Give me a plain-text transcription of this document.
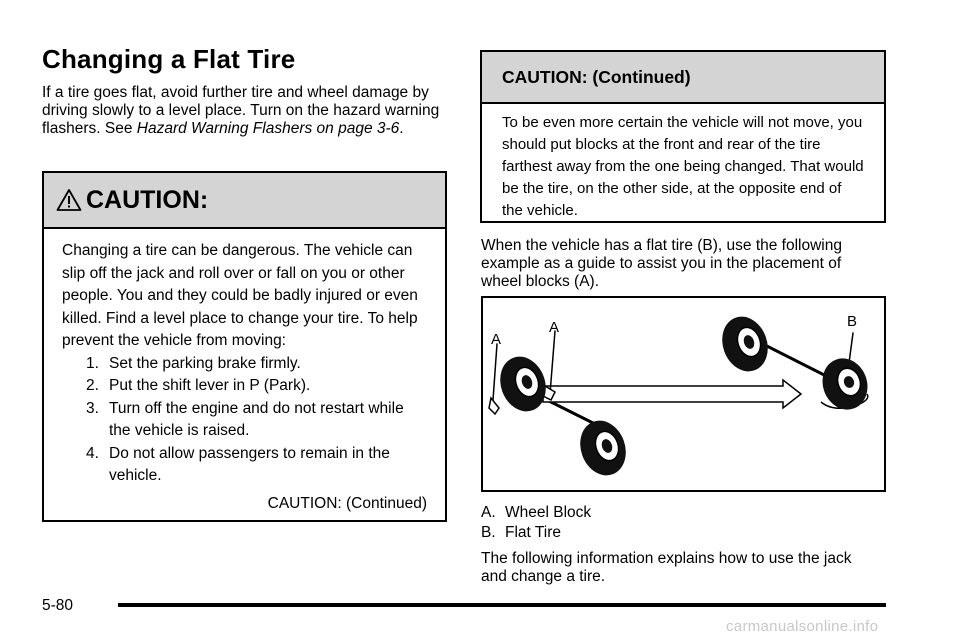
Changing a Flat Tire
If a tire goes flat, avoid further tire and wheel damage by driving slowly to a level place. Turn on the hazard warning flashers. See Hazard Warning Flashers on page 3-6.
CAUTION:
Changing a tire can be dangerous. The vehicle can slip off the jack and roll over or fall on you or other people. You and they could be badly injured or even killed. Find a level place to change your tire. To help prevent the vehicle from moving:
1. Set the parking brake firmly.
2. Put the shift lever in P (Park).
3. Turn off the engine and do not restart while the vehicle is raised.
4. Do not allow passengers to remain in the vehicle.
CAUTION: (Continued)
CAUTION: (Continued)
To be even more certain the vehicle will not move, you should put blocks at the front and rear of the tire farthest away from the one being changed. That would be the tire, on the other side, at the opposite end of the vehicle.
When the vehicle has a flat tire (B), use the following example as a guide to assist you in the placement of wheel blocks (A).
A
A	B
A. Wheel Block
B. Flat Tire
The following information explains how to use the jack and change a tire.
5-80
carmanualsonline.info
